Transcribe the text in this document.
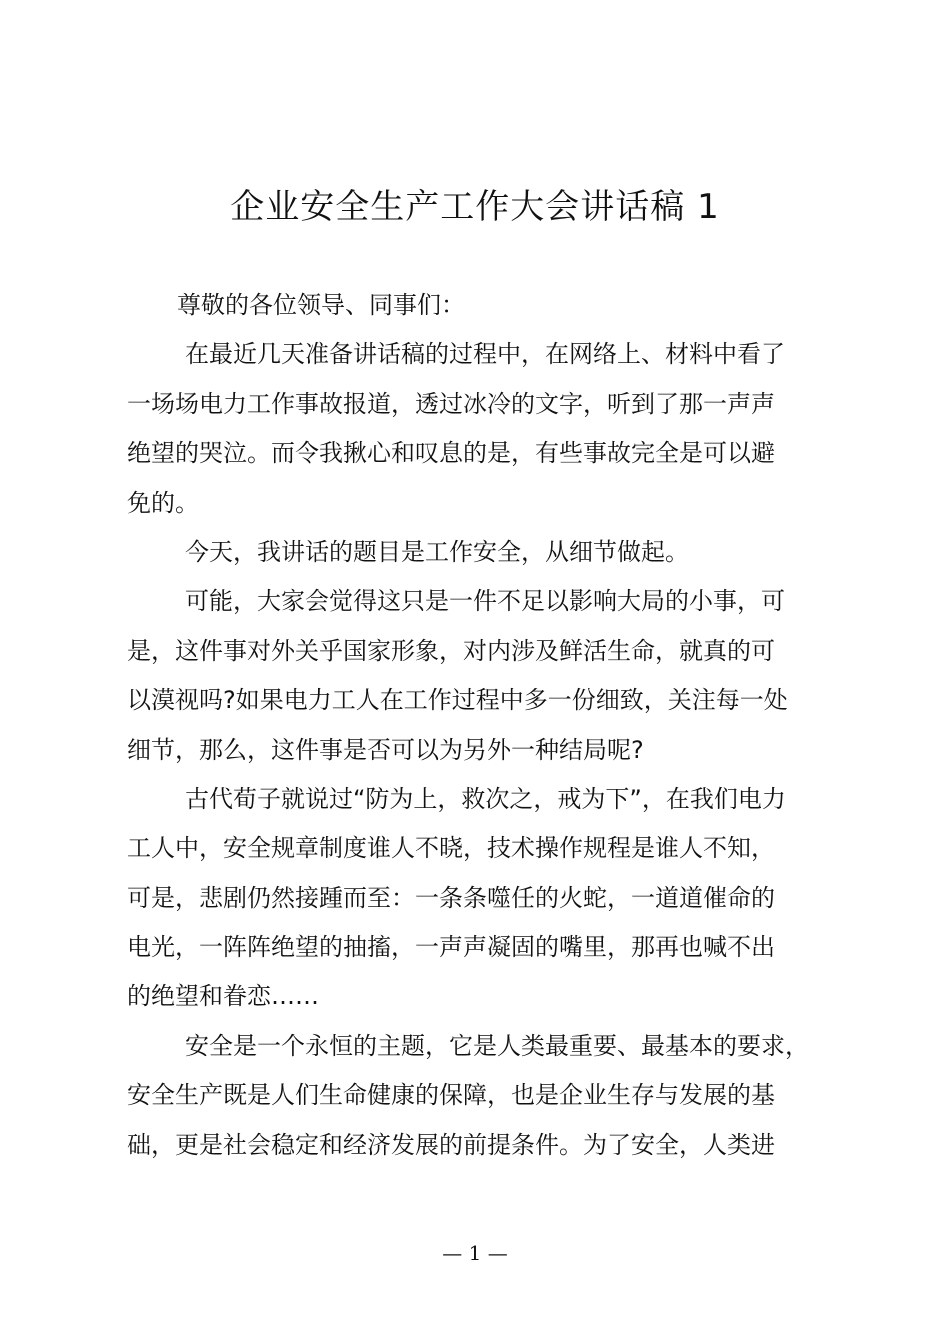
企业安全生产工作大会讲话稿 1
尊敬的各位领导、同事们：
在最近几天准备讲话稿的过程中，在网络上、材料中看了
一场场电力工作事故报道，透过冰冷的文字，听到了那一声声
绝望的哭泣。而令我揪心和叹息的是，有些事故完全是可以避
免的。
今天，我讲话的题目是工作安全，从细节做起。
可能，大家会觉得这只是一件不足以影响大局的小事，可
是，这件事对外关乎国家形象，对内涉及鲜活生命，就真的可
以漠视吗?如果电力工人在工作过程中多一份细致，关注每一处
细节，那么，这件事是否可以为另外一种结局呢?
古代荀子就说过“防为上，救次之，戒为下”，在我们电力
工人中，安全规章制度谁人不晓，技术操作规程是谁人不知，
可是，悲剧仍然接踵而至：一条条噬任的火蛇，一道道催命的
电光，一阵阵绝望的抽搐，一声声凝固的嘴里，那再也喊不出
的绝望和眷恋……
安全是一个永恒的主题，它是人类最重要、最基本的要求，
安全生产既是人们生命健康的保障，也是企业生存与发展的基
础，更是社会稳定和经济发展的前提条件。为了安全，人类进
— 1 —
